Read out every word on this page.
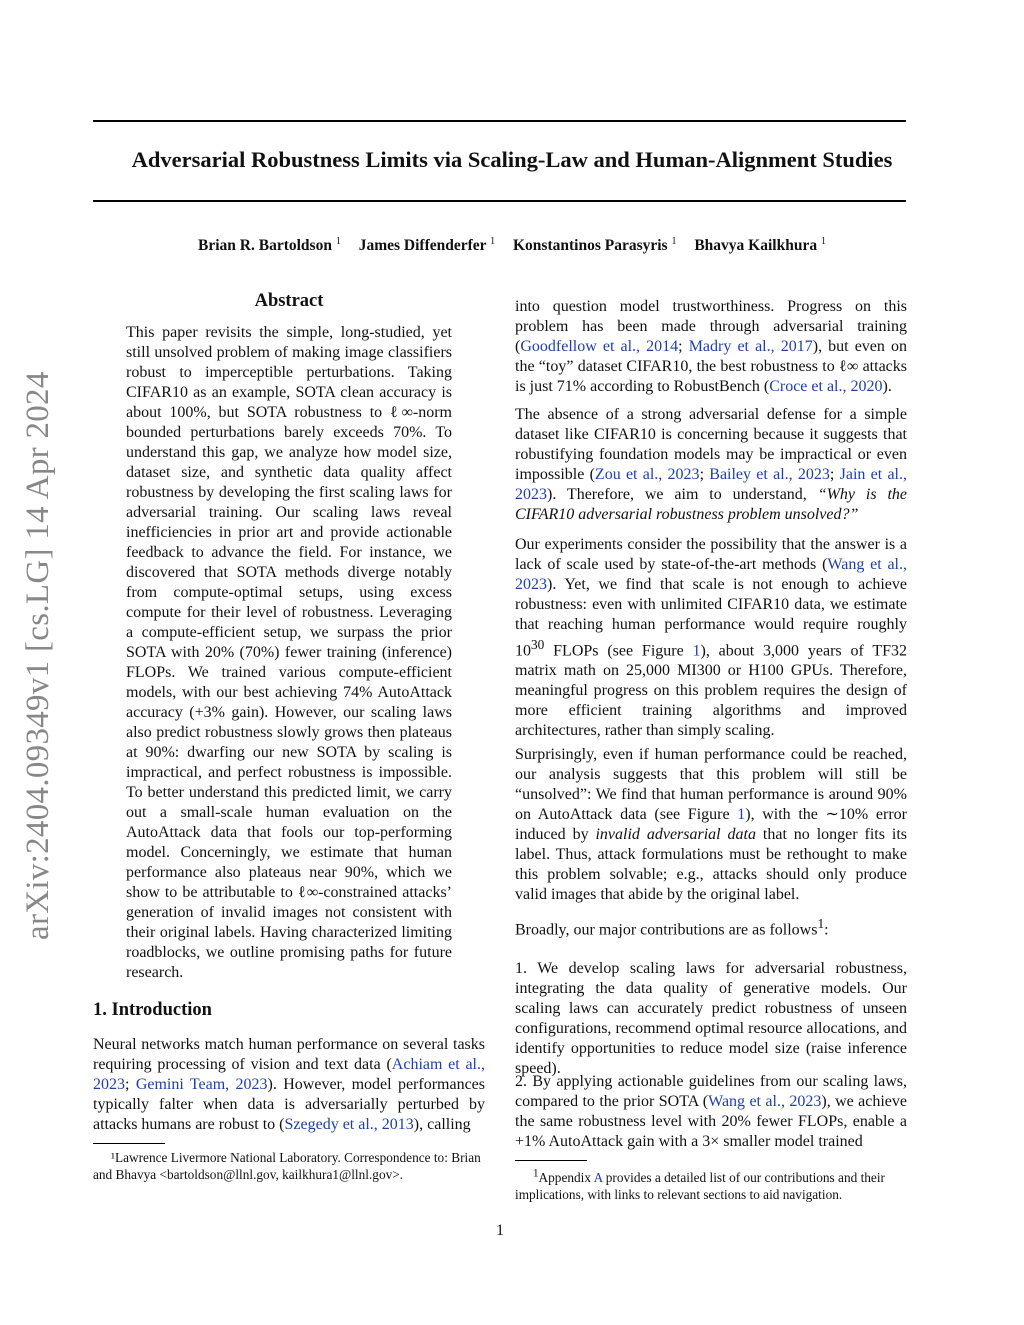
arXiv:2404.09349v1 [cs.LG] 14 Apr 2024
Adversarial Robustness Limits via Scaling-Law and Human-Alignment Studies
Brian R. Bartoldson $^1$ James Diffenderfer $^1$ Konstantinos Parasyris $^1$ Bhavya Kailkhura $^1$
Abstract

This paper revisits the simple, long-studied, yet still unsolved problem of making image classifiers robust to imperceptible perturbations. Taking CIFAR10 as an example, SOTA clean accuracy is about 100%, but SOTA robustness to ℓ∞-norm bounded perturbations barely exceeds 70%. To understand this gap, we analyze how model size, dataset size, and synthetic data quality affect robustness by developing the first scaling laws for adversarial training. Our scaling laws reveal inefficiencies in prior art and provide actionable feedback to advance the field. For instance, we discovered that SOTA methods diverge notably from compute-optimal setups, using excess compute for their level of robustness. Leveraging a compute-efficient setup, we surpass the prior SOTA with 20% (70%) fewer training (inference) FLOPs. We trained various compute-efficient models, with our best achieving 74% AutoAttack accuracy (+3% gain). However, our scaling laws also predict robustness slowly grows then plateaus at 90%: dwarfing our new SOTA by scaling is impractical, and perfect robustness is impossible. To better understand this predicted limit, we carry out a small-scale human evaluation on the AutoAttack data that fools our top-performing model. Concerningly, we estimate that human performance also plateaus near 90%, which we show to be attributable to ℓ∞-constrained attacks’ generation of invalid images not consistent with their original labels. Having characterized limiting roadblocks, we outline promising paths for future research.

1. Introduction

Neural networks match human performance on several tasks requiring processing of vision and text data (Achiam et al., 2023; Gemini Team, 2023). However, model performances typically falter when data is adversarially perturbed by attacks humans are robust to (Szegedy et al., 2013), calling

¹Lawrence Livermore National Laboratory. Correspondence to: Brian and Bhavya <bartoldson@llnl.gov, kailkhura1@llnl.gov>.

into question model trustworthiness. Progress on this problem has been made through adversarial training (Goodfellow et al., 2014; Madry et al., 2017), but even on the “toy” dataset CIFAR10, the best robustness to ℓ∞ attacks is just 71% according to RobustBench (Croce et al., 2020).

The absence of a strong adversarial defense for a simple dataset like CIFAR10 is concerning because it suggests that robustifying foundation models may be impractical or even impossible (Zou et al., 2023; Bailey et al., 2023; Jain et al., 2023). Therefore, we aim to understand, “Why is the CIFAR10 adversarial robustness problem unsolved?”

Our experiments consider the possibility that the answer is a lack of scale used by state-of-the-art methods (Wang et al., 2023). Yet, we find that scale is not enough to achieve robustness: even with unlimited CIFAR10 data, we estimate that reaching human performance would require roughly $10^{30}$ FLOPs (see Figure 1), about 3,000 years of TF32 matrix math on 25,000 MI300 or H100 GPUs. Therefore, meaningful progress on this problem requires the design of more efficient training algorithms and improved architectures, rather than simply scaling.

Surprisingly, even if human performance could be reached, our analysis suggests that this problem will still be “unsolved”: We find that human performance is around 90% on AutoAttack data (see Figure 1), with the ∼10% error induced by invalid adversarial data that no longer fits its label. Thus, attack formulations must be rethought to make this problem solvable; e.g., attacks should only produce valid images that abide by the original label.

Broadly, our major contributions are as follows$^1$:

1. We develop scaling laws for adversarial robustness, integrating the data quality of generative models. Our scaling laws can accurately predict robustness of unseen configurations, recommend optimal resource allocations, and identify opportunities to reduce model size (raise inference speed).

2. By applying actionable guidelines from our scaling laws, compared to the prior SOTA (Wang et al., 2023), we achieve the same robustness level with 20% fewer FLOPs, enable a +1% AutoAttack gain with a 3× smaller model trained

$^1$Appendix A provides a detailed list of our contributions and their implications, with links to relevant sections to aid navigation.
1
